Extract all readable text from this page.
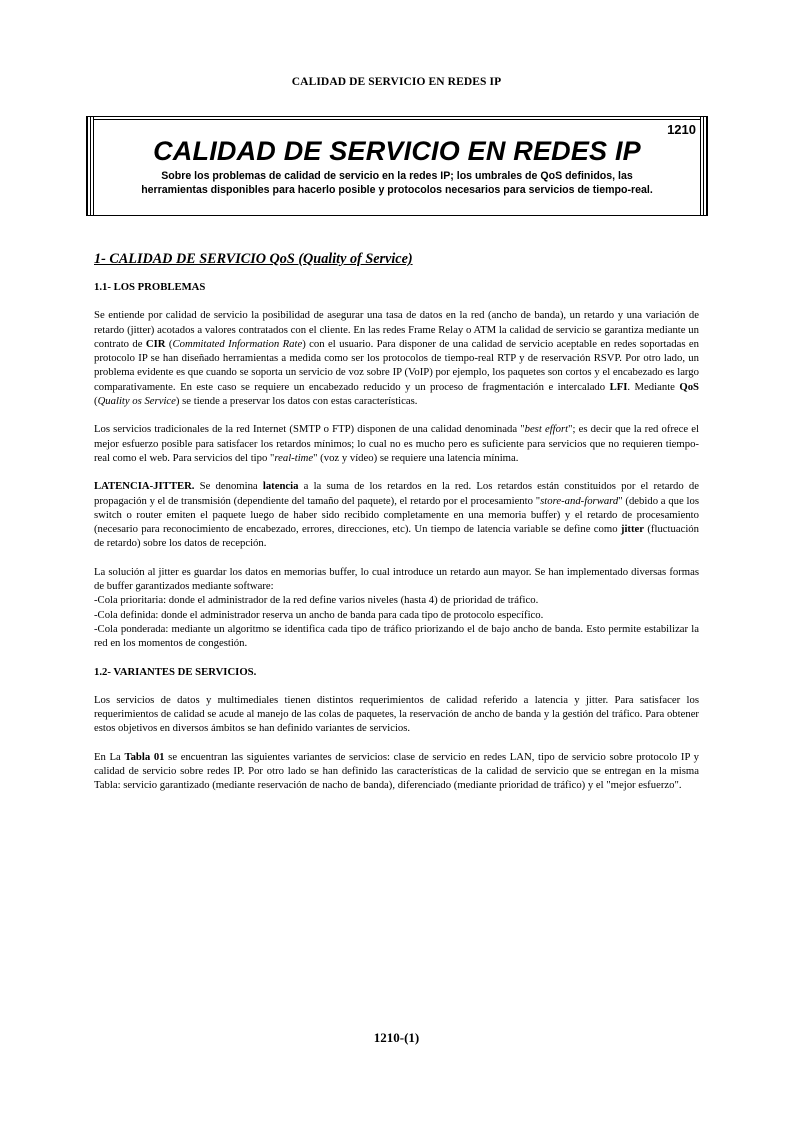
CALIDAD DE SERVICIO EN REDES IP
1210
CALIDAD DE SERVICIO EN REDES IP
Sobre los problemas de calidad de servicio en la redes IP; los umbrales de QoS definidos, las
herramientas disponibles para hacerlo posible y protocolos necesarios para servicios de tiempo-real.
1- CALIDAD DE SERVICIO QoS (Quality of Service)
1.1- LOS PROBLEMAS

Se entiende por calidad de servicio la posibilidad de asegurar una tasa de datos en la red (ancho de banda), un retardo y una variación de retardo (jitter) acotados a valores contratados con el cliente. En las redes Frame Relay o ATM la calidad de servicio se garantiza mediante un contrato de CIR (Commitated Information Rate) con el usuario. Para disponer de una calidad de servicio aceptable en redes soportadas en protocolo IP se han diseñado herramientas a medida como ser los protocolos de tiempo-real RTP y de reservación RSVP. Por otro lado, un problema evidente es que cuando se soporta un servicio de voz sobre IP (VoIP) por ejemplo, los paquetes son cortos y el encabezado es largo comparativamente. En este caso se requiere un encabezado reducido y un proceso de fragmentación e intercalado LFI. Mediante QoS (Quality os Service) se tiende a preservar los datos con estas características.

Los servicios tradicionales de la red Internet (SMTP o FTP) disponen de una calidad denominada "best effort"; es decir que la red ofrece el mejor esfuerzo posible para satisfacer los retardos mínimos; lo cual no es mucho pero es suficiente para servicios que no requieren tiempo-real como el web. Para servicios del tipo "real-time" (voz y vídeo) se requiere una latencia mínima.

LATENCIA-JITTER. Se denomina latencia a la suma de los retardos en la red. Los retardos están constituidos por el retardo de propagación y el de transmisión (dependiente del tamaño del paquete), el retardo por el procesamiento "store-and-forward" (debido a que los switch o router emiten el paquete luego de haber sido recibido completamente en una memoria buffer) y el retardo de procesamiento (necesario para reconocimiento de encabezado, errores, direcciones, etc). Un tiempo de latencia variable se define como jitter (fluctuación de retardo) sobre los datos de recepción.

La solución al jitter es guardar los datos en memorias buffer, lo cual introduce un retardo aun mayor. Se han implementado diversas formas de buffer garantizados mediante software:
-Cola prioritaria: donde el administrador de la red define varios niveles (hasta 4) de prioridad de tráfico.
-Cola definida: donde el administrador reserva un ancho de banda para cada tipo de protocolo específico.
-Cola ponderada: mediante un algoritmo se identifica cada tipo de tráfico priorizando el de bajo ancho de banda. Esto permite estabilizar la red en los momentos de congestión.

1.2- VARIANTES DE SERVICIOS.

Los servicios de datos y multimediales tienen distintos requerimientos de calidad referido a latencia y jitter. Para satisfacer los requerimientos de calidad se acude al manejo de las colas de paquetes, la reservación de ancho de banda y la gestión del tráfico. Para obtener estos objetivos en diversos ámbitos se han definido variantes de servicios.

En La Tabla 01 se encuentran las siguientes variantes de servicios: clase de servicio en redes LAN, tipo de servicio sobre protocolo IP y calidad de servicio sobre redes IP. Por otro lado se han definido las características de la calidad de servicio que se entregan en la misma Tabla: servicio garantizado (mediante reservación de nacho de banda), diferenciado (mediante prioridad de tráfico) y el "mejor esfuerzo".

1210-(1)
